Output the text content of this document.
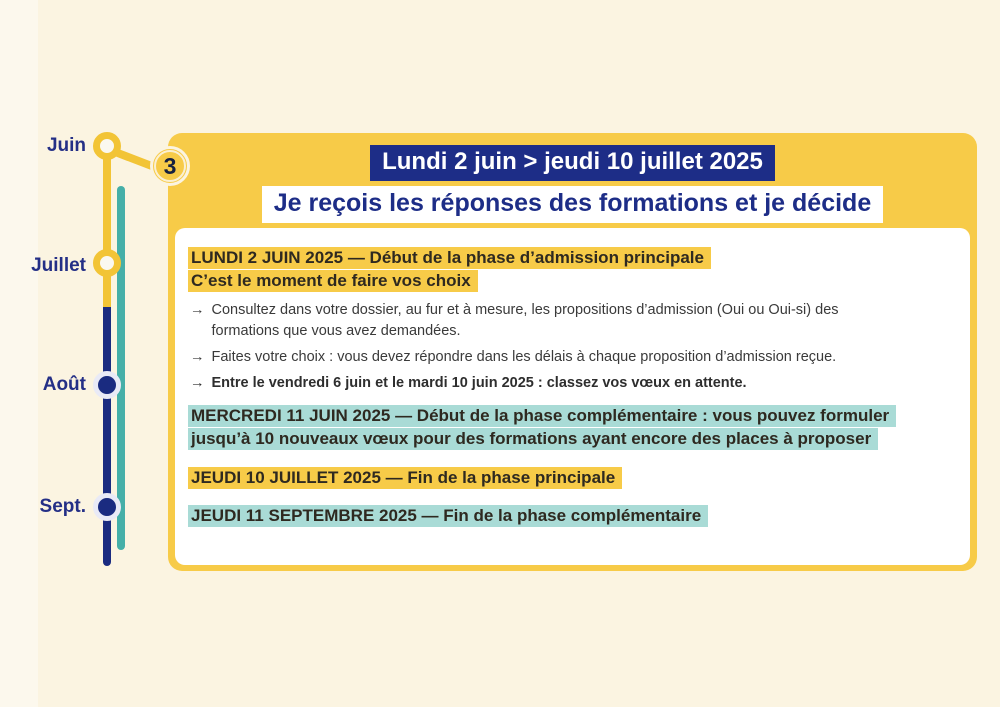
Juin
Juillet
Août
Sept.
3	Lundi 2 juin > jeudi 10 juillet 2025
Je reçois les réponses des formations et je décide
LUNDI 2 JUIN 2025 — Début de la phase d’admission principale
C’est le moment de faire vos choix
→ Consultez dans votre dossier, au fur et à mesure, les propositions d’admission (Oui ou Oui-si) des formations que vous avez demandées.
→ Faites votre choix : vous devez répondre dans les délais à chaque proposition d’admission reçue.
→ Entre le vendredi 6 juin et le mardi 10 juin 2025 : classez vos vœux en attente.
MERCREDI 11 JUIN 2025 — Début de la phase complémentaire : vous pouvez formuler
jusqu’à 10 nouveaux vœux pour des formations ayant encore des places à proposer
JEUDI 10 JUILLET 2025 — Fin de la phase principale
JEUDI 11 SEPTEMBRE 2025 — Fin de la phase complémentaire
